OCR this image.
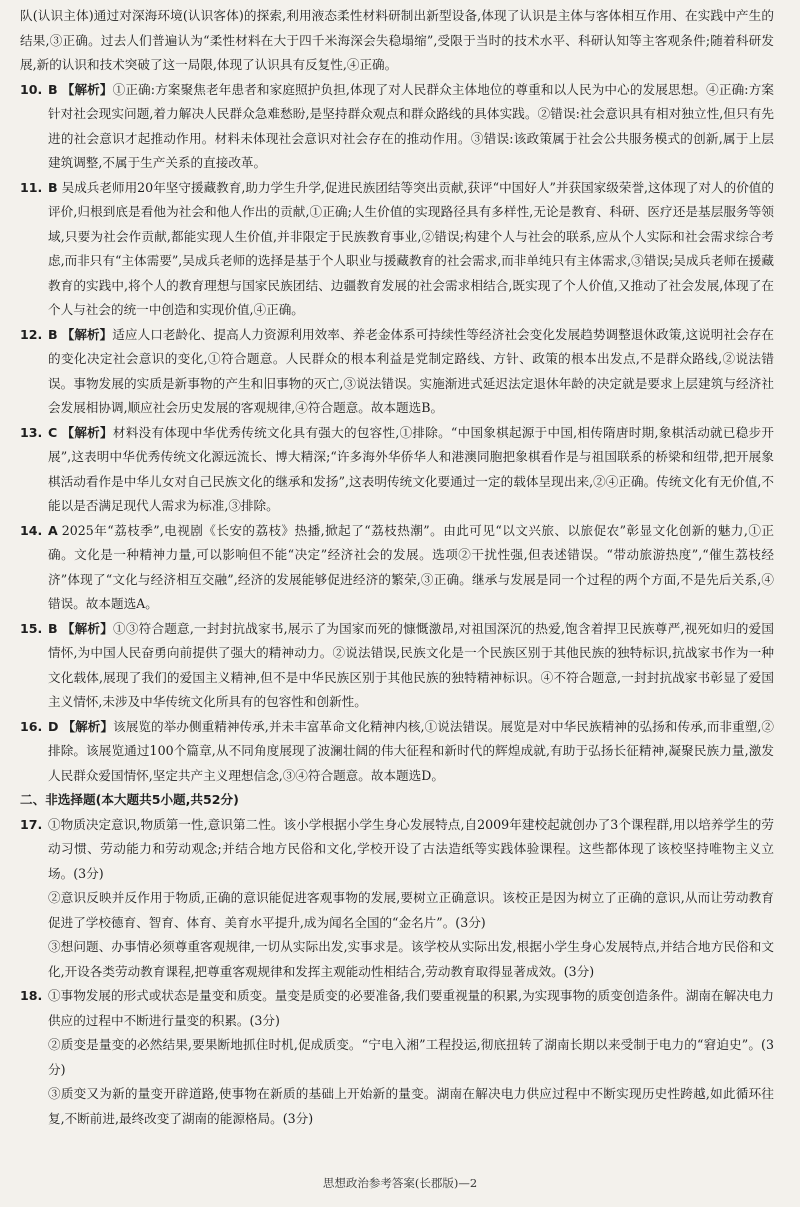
队(认识主体)通过对深海环境(认识客体)的探索,利用液态柔性材料研制出新型设备,体现了认识是主体与客体相互作用、在实践中产生的结果,③正确。过去人们普遍认为“柔性材料在大于四千米海深会失稳塌缩”,受限于当时的技术水平、科研认知等主客观条件;随着科研发展,新的认识和技术突破了这一局限,体现了认识具有反复性,④正确。

10. B 【解析】①正确:方案聚焦老年患者和家庭照护负担,体现了对人民群众主体地位的尊重和以人民为中心的发展思想。④正确:方案针对社会现实问题,着力解决人民群众急难愁盼,是坚持群众观点和群众路线的具体实践。②错误:社会意识具有相对独立性,但只有先进的社会意识才起推动作用。材料未体现社会意识对社会存在的推动作用。③错误:该政策属于社会公共服务模式的创新,属于上层建筑调整,不属于生产关系的直接改革。
11. B 吴成兵老师用20年坚守援藏教育,助力学生升学,促进民族团结等突出贡献,获评“中国好人”并获国家级荣誉,这体现了对人的价值的评价,归根到底是看他为社会和他人作出的贡献,①正确;人生价值的实现路径具有多样性,无论是教育、科研、医疗还是基层服务等领域,只要为社会作贡献,都能实现人生价值,并非限定于民族教育事业,②错误;构建个人与社会的联系,应从个人实际和社会需求综合考虑,而非只有“主体需要”,吴成兵老师的选择是基于个人职业与援藏教育的社会需求,而非单纯只有主体需求,③错误;吴成兵老师在援藏教育的实践中,将个人的教育理想与国家民族团结、边疆教育发展的社会需求相结合,既实现了个人价值,又推动了社会发展,体现了在个人与社会的统一中创造和实现价值,④正确。
12. B 【解析】适应人口老龄化、提高人力资源利用效率、养老金体系可持续性等经济社会变化发展趋势调整退休政策,这说明社会存在的变化决定社会意识的变化,①符合题意。人民群众的根本利益是党制定路线、方针、政策的根本出发点,不是群众路线,②说法错误。事物发展的实质是新事物的产生和旧事物的灭亡,③说法错误。实施渐进式延迟法定退休年龄的决定就是要求上层建筑与经济社会发展相协调,顺应社会历史发展的客观规律,④符合题意。故本题选B。
13. C 【解析】材料没有体现中华优秀传统文化具有强大的包容性,①排除。“中国象棋起源于中国,相传隋唐时期,象棋活动就已稳步开展”,这表明中华优秀传统文化源远流长、博大精深;“许多海外华侨华人和港澳同胞把象棋看作是与祖国联系的桥梁和纽带,把开展象棋活动看作是中华儿女对自己民族文化的继承和发扬”,这表明传统文化要通过一定的载体呈现出来,②④正确。传统文化有无价值,不能以是否满足现代人需求为标准,③排除。
14. A 2025年“荔枝季”,电视剧《长安的荔枝》热播,掀起了“荔枝热潮”。由此可见“以文兴旅、以旅促农”彰显文化创新的魅力,①正确。文化是一种精神力量,可以影响但不能“决定”经济社会的发展。选项②干扰性强,但表述错误。“带动旅游热度”,“催生荔枝经济”体现了“文化与经济相互交融”,经济的发展能够促进经济的繁荣,③正确。继承与发展是同一个过程的两个方面,不是先后关系,④错误。故本题选A。
15. B 【解析】①③符合题意,一封封抗战家书,展示了为国家而死的慷慨激昂,对祖国深沉的热爱,饱含着捍卫民族尊严,视死如归的爱国情怀,为中国人民奋勇向前提供了强大的精神动力。②说法错误,民族文化是一个民族区别于其他民族的独特标识,抗战家书作为一种文化载体,展现了我们的爱国主义精神,但不是中华民族区别于其他民族的独特精神标识。④不符合题意,一封封抗战家书彰显了爱国主义情怀,未涉及中华传统文化所具有的包容性和创新性。
16. D 【解析】该展览的举办侧重精神传承,并未丰富革命文化精神内核,①说法错误。展览是对中华民族精神的弘扬和传承,而非重塑,②排除。该展览通过100个篇章,从不同角度展现了波澜壮阔的伟大征程和新时代的辉煌成就,有助于弘扬长征精神,凝聚民族力量,激发人民群众爱国情怀,坚定共产主义理想信念,③④符合题意。故本题选D。

二、非选择题(本大题共5小题,共52分)

17. ①物质决定意识,物质第一性,意识第二性。该小学根据小学生身心发展特点,自2009年建校起就创办了3个课程群,用以培养学生的劳动习惯、劳动能力和劳动观念;并结合地方民俗和文化,学校开设了古法造纸等实践体验课程。这些都体现了该校坚持唯物主义立场。(3分)
②意识反映并反作用于物质,正确的意识能促进客观事物的发展,要树立正确意识。该校正是因为树立了正确的意识,从而让劳动教育促进了学校德育、智育、体育、美育水平提升,成为闻名全国的“金名片”。(3分)
③想问题、办事情必须尊重客观规律,一切从实际出发,实事求是。该学校从实际出发,根据小学生身心发展特点,并结合地方民俗和文化,开设各类劳动教育课程,把尊重客观规律和发挥主观能动性相结合,劳动教育取得显著成效。(3分)
18. ①事物发展的形式或状态是量变和质变。量变是质变的必要准备,我们要重视量的积累,为实现事物的质变创造条件。湖南在解决电力供应的过程中不断进行量变的积累。(3分)
②质变是量变的必然结果,要果断地抓住时机,促成质变。“宁电入湘”工程投运,彻底扭转了湖南长期以来受制于电力的“窘迫史”。(3分)
③质变又为新的量变开辟道路,使事物在新质的基础上开始新的量变。湖南在解决电力供应过程中不断实现历史性跨越,如此循环往复,不断前进,最终改变了湖南的能源格局。(3分)
思想政治参考答案(长郡版)—2
